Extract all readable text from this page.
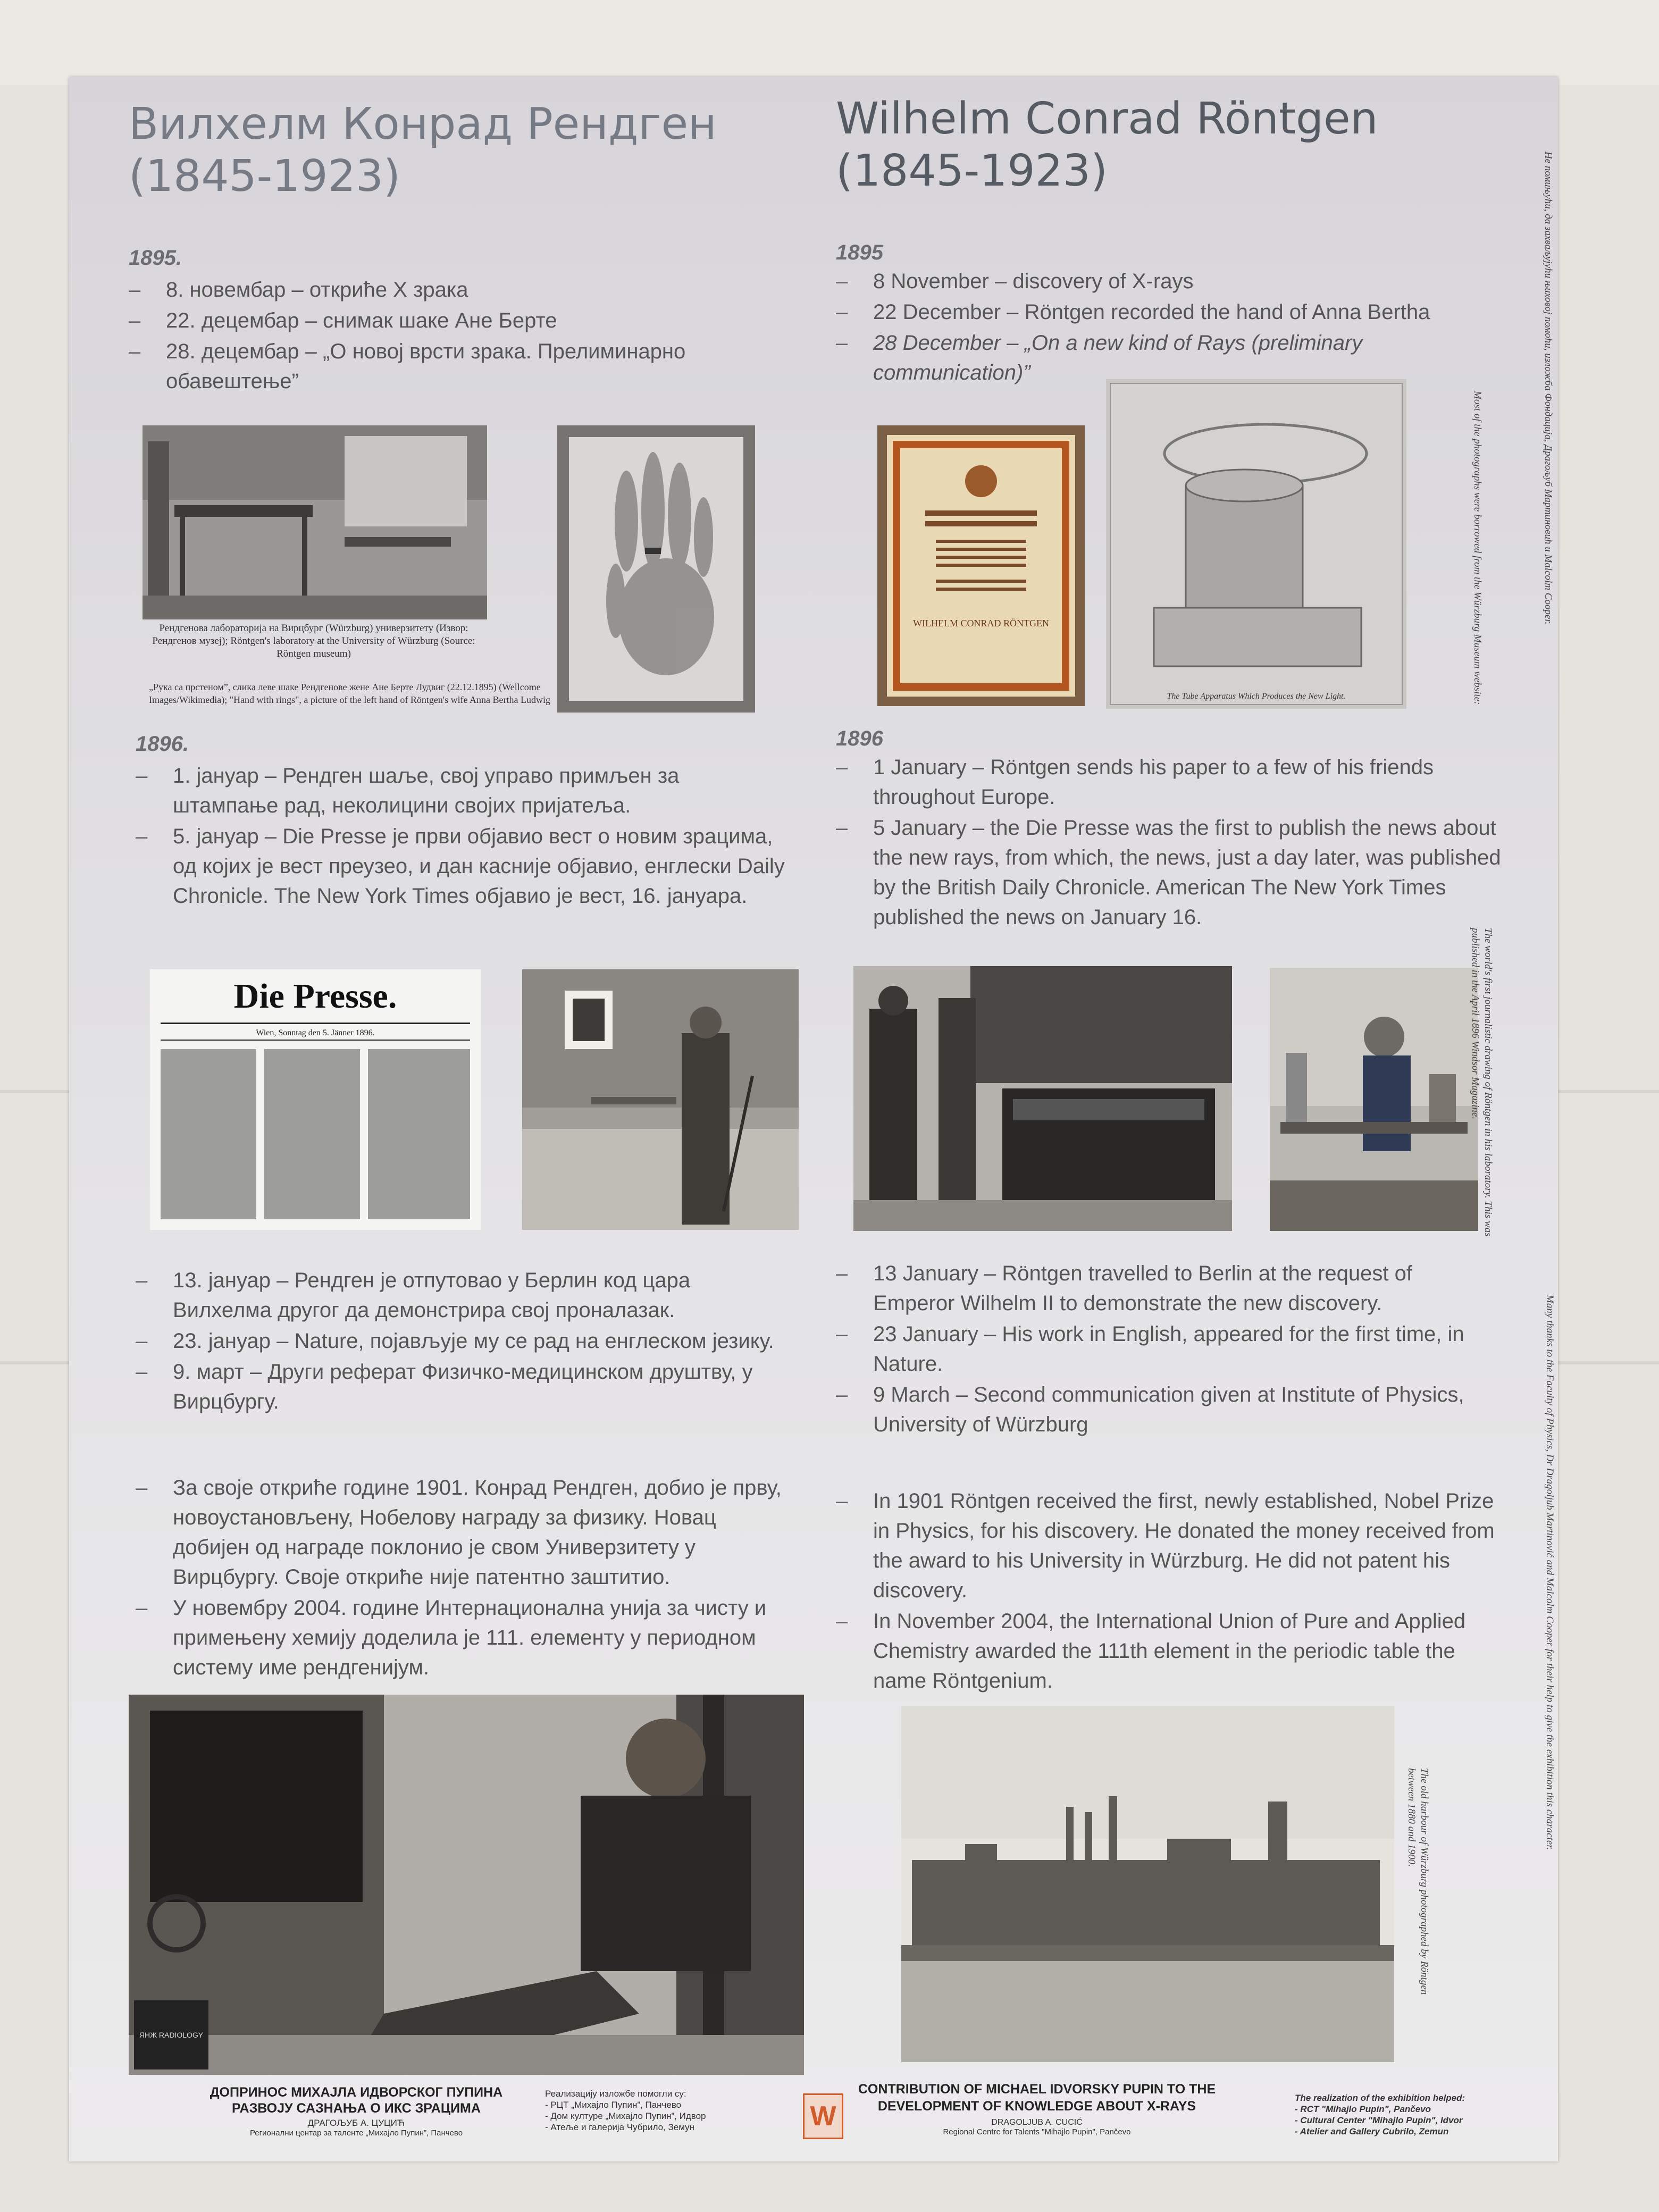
Вилхелм Конрад Рендген
(1845-1923)
Wilhelm Conrad Röntgen
(1845-1923)
1895.
– 8. новембар – откриће Х зрака
– 22. децембар – снимак шаке Ане Берте
– 28. децембар – „О новој врсти зрака. Прелиминарно обавештење”
1895
– 8 November – discovery of X-rays
– 22 December – Röntgen recorded the hand of Anna Bertha
– 28 December – „On a new kind of Rays (preliminary communication)”
Рендгенова лабораторија на Вирцбург (Würzburg) универзитету (Извор: Рендгенов музеј); Röntgen's laboratory at the University of Würzburg (Source: Röntgen museum)
„Рука са прстеном”, слика леве шаке Рендгенове жене Ане Берте Лудвиг (22.12.1895) (Wellcome Images/Wikimedia); "Hand with rings", a picture of the left hand of Röntgen's wife Anna Bertha Ludwig
WILHELM CONRAD RÖNTGEN
The Tube Apparatus Which Produces the New Light.
1896.
– 1. јануар – Рендген шаље, свој управо примљен за штампање рад, неколицини својих пријатеља.
– 5. јануар – Die Presse је први објавио вест о новим зрацима, од којих је вест преузео, и дан касније објавио, енглески Daily Chronicle. The New York Times објавио је вест, 16. јануара.
1896
– 1 January – Röntgen sends his paper to a few of his friends throughout Europe.
– 5 January – the Die Presse was the first to publish the news about the new rays, from which, the news, just a day later, was published by the British Daily Chronicle. American The New York Times published the news on January 16.
Die Presse.
Wien, Sonntag den 5. Jänner 1896.
– 13. јануар – Рендген је отпутовао у Берлин код цара Вилхелма другог да демонстрира свој проналазак.
– 23. јануар – Nature, појављује му се рад на енглеском језику.
– 9. март – Други реферат Физичко-медицинском друштву, у Вирцбургу.
– 13 January – Röntgen travelled to Berlin at the request of Emperor Wilhelm II to demonstrate the new discovery.
– 23 January – His work in English, appeared for the first time, in Nature.
– 9 March – Second communication given at Institute of Physics, University of Würzburg
– За своје откриће године 1901. Конрад Рендген, добио је прву, новоустановљену, Нобелову награду за физику. Новац добијен од награде поклонио је свом Универзитету у Вирцбургу. Своје откриће није патентно заштитио.
– У новембру 2004. године Интернационална унија за чисту и примењену хемију доделила је 111. елементу у периодном систему име рендгенијум.
– In 1901 Röntgen received the first, newly established, Nobel Prize in Physics, for his discovery. He donated the money received from the award to his University in Würzburg. He did not patent his discovery.
– In November 2004, the International Union of Pure and Applied Chemistry awarded the 111th element in the periodic table the name Röntgenium.
ЯНЖ RADIOLOGY
Не помињући, да захваљујући њиховој помоћи, изложба Фондација, Драгољуб Мартиновић и Malcolm Cooper.
Most of the photographs were borrowed from the Würzburg Museum website:
The world's first journalistic drawing of Röntgen in his laboratory. This was published in the April 1896 Windsor Magazine.
Many thanks to the Faculty of Physics, Dr Dragoljub Martinović and Malcolm Cooper for their help to give the exhibition this character.
The old harbour of Würzburg photographed by Röntgen between 1880 and 1900.
ДОПРИНОС МИХАЈЛА ИДВОРСКОГ ПУПИНА
РАЗВОЈУ САЗНАЊА О ИКС ЗРАЦИМА
ДРАГОЉУБ А. ЦУЦИЋ
Регионални центар за таленте „Михајло Пупин”, Панчево
Реализацију изложбе помогли су:
- РЦТ „Михајло Пупин”, Панчево
- Дом културе „Михајло Пупин”, Идвор
- Атеље и галерија Чубрило, Земун	W
CONTRIBUTION OF MICHAEL IDVORSKY PUPIN TO THE
DEVELOPMENT OF KNOWLEDGE ABOUT X-RAYS
DRAGOLJUB A. CUCIĆ
Regional Centre for Talents "Mihajlo Pupin", Pančevo
The realization of the exhibition helped:
- RCT "Mihajlo Pupin", Pančevo
- Cultural Center "Mihajlo Pupin", Idvor
- Atelier and Gallery Cubrilo, Zemun
